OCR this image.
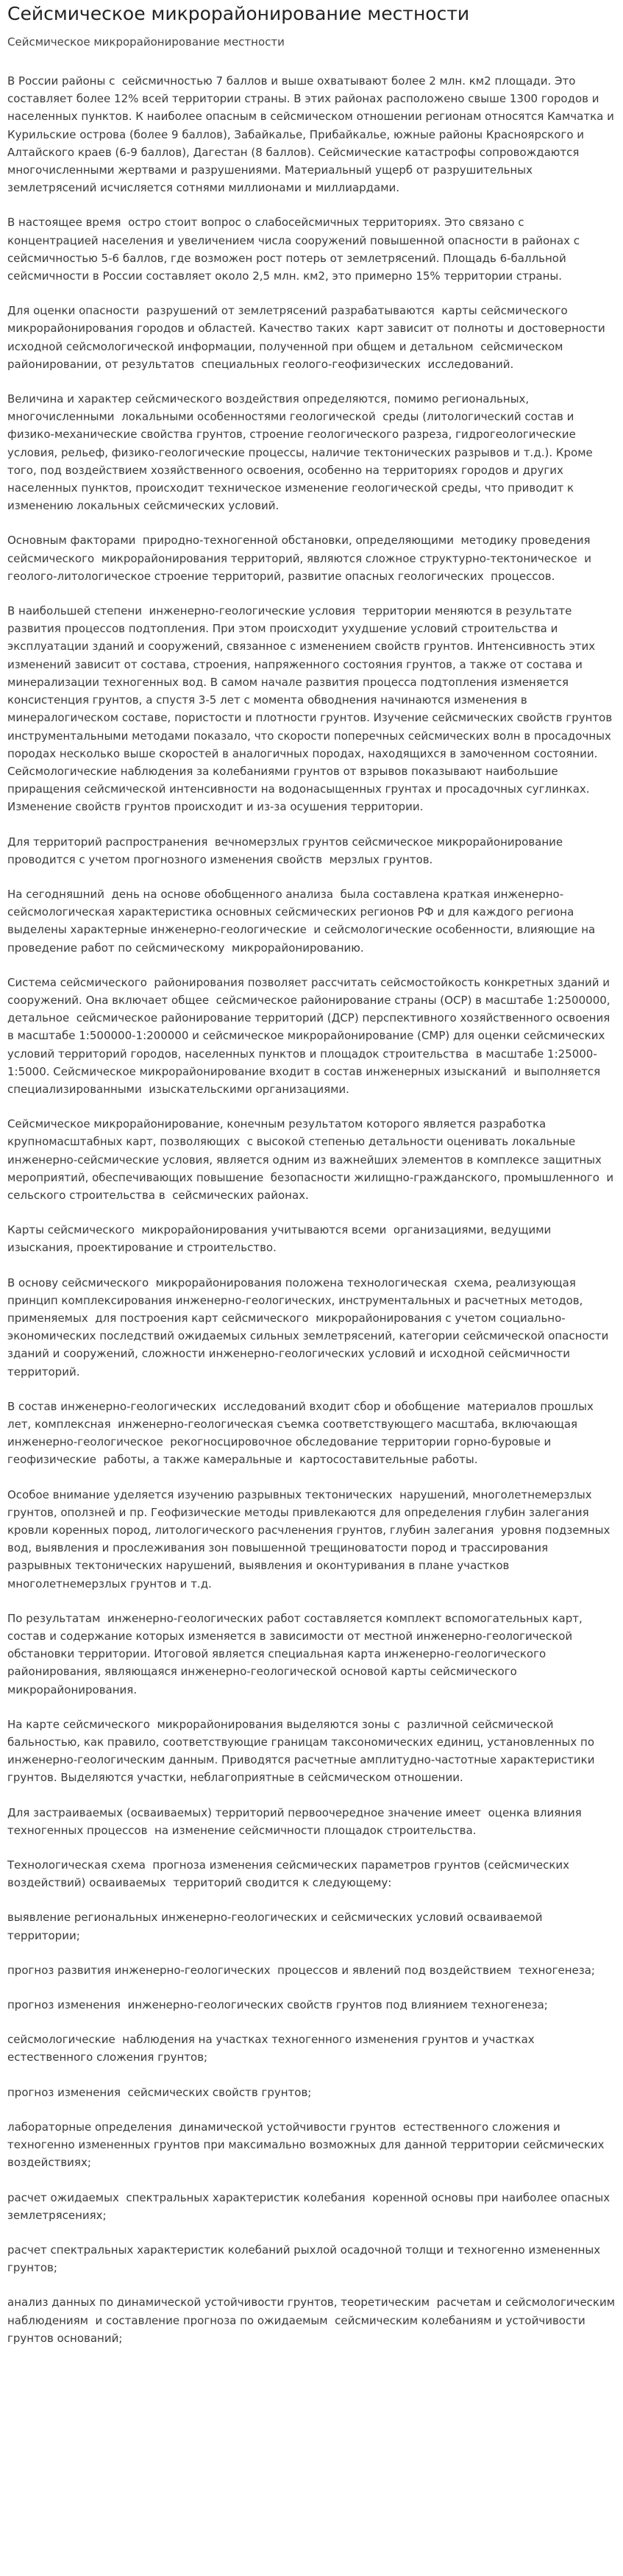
Сейсмическое микрорайонирование местности
Сейсмическое микрорайонирование местности

В России районы с  сейсмичностью 7 баллов и выше охватывают более 2 млн. км2 площади. Это составляет более 12% всей территории страны. В этих районах расположено свыше 1300 городов и населенных пунктов. К наиболее опасным в сейсмическом отношении регионам относятся Камчатка и Курильские острова (более 9 баллов), Забайкалье, Прибайкалье, южные районы Красноярского и Алтайского краев (6-9 баллов), Дагестан (8 баллов). Сейсмические катастрофы сопровождаются многочисленными жертвами и разрушениями. Материальный ущерб от разрушительных землетрясений исчисляется сотнями миллионами и миллиардами.

В настоящее время  остро стоит вопрос о слабосейсмичных территориях. Это связано с концентрацией населения и увеличением числа сооружений повышенной опасности в районах с сейсмичностью 5-6 баллов, где возможен рост потерь от землетрясений. Площадь 6-балльной сейсмичности в России составляет около 2,5 млн. км2, это примерно 15% территории страны.

Для оценки опасности  разрушений от землетрясений разрабатываются  карты сейсмического микрорайонирования городов и областей. Качество таких  карт зависит от полноты и достоверности  исходной сейсмологической информации, полученной при общем и детальном  сейсмическом районировании, от результатов  специальных геолого-геофизических  исследований.

Величина и характер сейсмического воздействия определяются, помимо региональных, многочисленными  локальными особенностями геологической  среды (литологический состав и физико-механические свойства грунтов, строение геологического разреза, гидрогеологические условия, рельеф, физико-геологические процессы, наличие тектонических разрывов и т.д.). Кроме того, под воздействием хозяйственного освоения, особенно на территориях городов и других населенных пунктов, происходит техническое изменение геологической среды, что приводит к изменению локальных сейсмических условий.

Основным факторами  природно-техногенной обстановки, определяющими  методику проведения сейсмического  микрорайонирования территорий, являются сложное структурно-тектоническое  и геолого-литологическое строение территорий, развитие опасных геологических  процессов.

В наибольшей степени  инженерно-геологические условия  территории меняются в результате развития процессов подтопления. При этом происходит ухудшение условий строительства и эксплуатации зданий и сооружений, связанное с изменением свойств грунтов. Интенсивность этих изменений зависит от состава, строения, напряженного состояния грунтов, а также от состава и минерализации техногенных вод. В самом начале развития процесса подтопления изменяется консистенция грунтов, а спустя 3-5 лет с момента обводнения начинаются изменения в минералогическом составе, пористости и плотности грунтов. Изучение сейсмических свойств грунтов инструментальными методами показало, что скорости поперечных сейсмических волн в просадочных породах несколько выше скоростей в аналогичных породах, находящихся в замоченном состоянии. Сейсмологические наблюдения за колебаниями грунтов от взрывов показывают наибольшие приращения сейсмической интенсивности на водонасыщенных грунтах и просадочных суглинках. Изменение свойств грунтов происходит и из-за осушения территории.

Для территорий распространения  вечномерзлых грунтов сейсмическое микрорайонирование проводится с учетом прогнозного изменения свойств  мерзлых грунтов.

На сегодняшний  день на основе обобщенного анализа  была составлена краткая инженерно-сейсмологическая характеристика основных сейсмических регионов РФ и для каждого региона выделены характерные инженерно-геологические  и сейсмологические особенности, влияющие на проведение работ по сейсмическому  микрорайонированию.

Система сейсмического  районирования позволяет рассчитать сейсмостойкость конкретных зданий и сооружений. Она включает общее  сейсмическое районирование страны (ОСР) в масштабе 1:2500000, детальное  сейсмическое районирование территорий (ДСР) перспективного хозяйственного освоения в масштабе 1:500000-1:200000 и сейсмическое микрорайонирование (СМР) для оценки сейсмических условий территорий городов, населенных пунктов и площадок строительства  в масштабе 1:25000-1:5000. Сейсмическое микрорайонирование входит в состав инженерных изысканий  и выполняется специализированными  изыскательскими организациями.

Сейсмическое микрорайонирование, конечным результатом которого является разработка крупномасштабных карт, позволяющих  с высокой степенью детальности оценивать локальные инженерно-сейсмические условия, является одним из важнейших элементов в комплексе защитных мероприятий, обеспечивающих повышение  безопасности жилищно-гражданского, промышленного  и сельского строительства в  сейсмических районах.

Карты сейсмического  микрорайонирования учитываются всеми  организациями, ведущими изыскания, проектирование и строительство.

В основу сейсмического  микрорайонирования положена технологическая  схема, реализующая принцип комплексирования инженерно-геологических, инструментальных и расчетных методов, применяемых  для построения карт сейсмического  микрорайонирования с учетом социально-экономических последствий ожидаемых сильных землетрясений, категории сейсмической опасности зданий и сооружений, сложности инженерно-геологических условий и исходной сейсмичности территорий.

В состав инженерно-геологических  исследований входит сбор и обобщение  материалов прошлых лет, комплексная  инженерно-геологическая съемка соответствующего масштаба, включающая инженерно-геологическое  рекогносцировочное обследование территории горно-буровые и геофизические  работы, а также камеральные и  картосоставительные работы.

Особое внимание уделяется изучению разрывных тектонических  нарушений, многолетнемерзлых грунтов, оползней и пр. Геофизические методы привлекаются для определения глубин залегания кровли коренных пород, литологического расчленения грунтов, глубин залегания  уровня подземных вод, выявления и прослеживания зон повышенной трещиноватости пород и трассирования разрывных тектонических нарушений, выявления и оконтуривания в плане участков многолетнемерзлых грунтов и т.д.

По результатам  инженерно-геологических работ составляется комплект вспомогательных карт, состав и содержание которых изменяется в зависимости от местной инженерно-геологической обстановки территории. Итоговой является специальная карта инженерно-геологического районирования, являющаяся инженерно-геологической основой карты сейсмического микрорайонирования.

На карте сейсмического  микрорайонирования выделяются зоны с  различной сейсмической бальностью, как правило, соответствующие границам таксономических единиц, установленных по инженерно-геологическим данным. Приводятся расчетные амплитудно-частотные характеристики грунтов. Выделяются участки, неблагоприятные в сейсмическом отношении.

Для застраиваемых (осваиваемых) территорий первоочередное значение имеет  оценка влияния техногенных процессов  на изменение сейсмичности площадок строительства.

Технологическая схема  прогноза изменения сейсмических параметров грунтов (сейсмических воздействий) осваиваемых  территорий сводится к следующему:

выявление региональных инженерно-геологических и сейсмических условий осваиваемой территории;

прогноз развития инженерно-геологических  процессов и явлений под воздействием  техногенеза;

прогноз изменения  инженерно-геологических свойств грунтов под влиянием техногенеза;

сейсмологические  наблюдения на участках техногенного изменения грунтов и участках естественного сложения грунтов;

прогноз изменения  сейсмических свойств грунтов;

лабораторные определения  динамической устойчивости грунтов  естественного сложения и техногенно измененных грунтов при максимально возможных для данной территории сейсмических воздействиях;

расчет ожидаемых  спектральных характеристик колебания  коренной основы при наиболее опасных  землетрясениях;

расчет спектральных характеристик колебаний рыхлой осадочной толщи и техногенно измененных грунтов;

анализ данных по динамической устойчивости грунтов, теоретическим  расчетам и сейсмологическим наблюдениям  и составление прогноза по ожидаемым  сейсмическим колебаниям и устойчивости грунтов оснований;
